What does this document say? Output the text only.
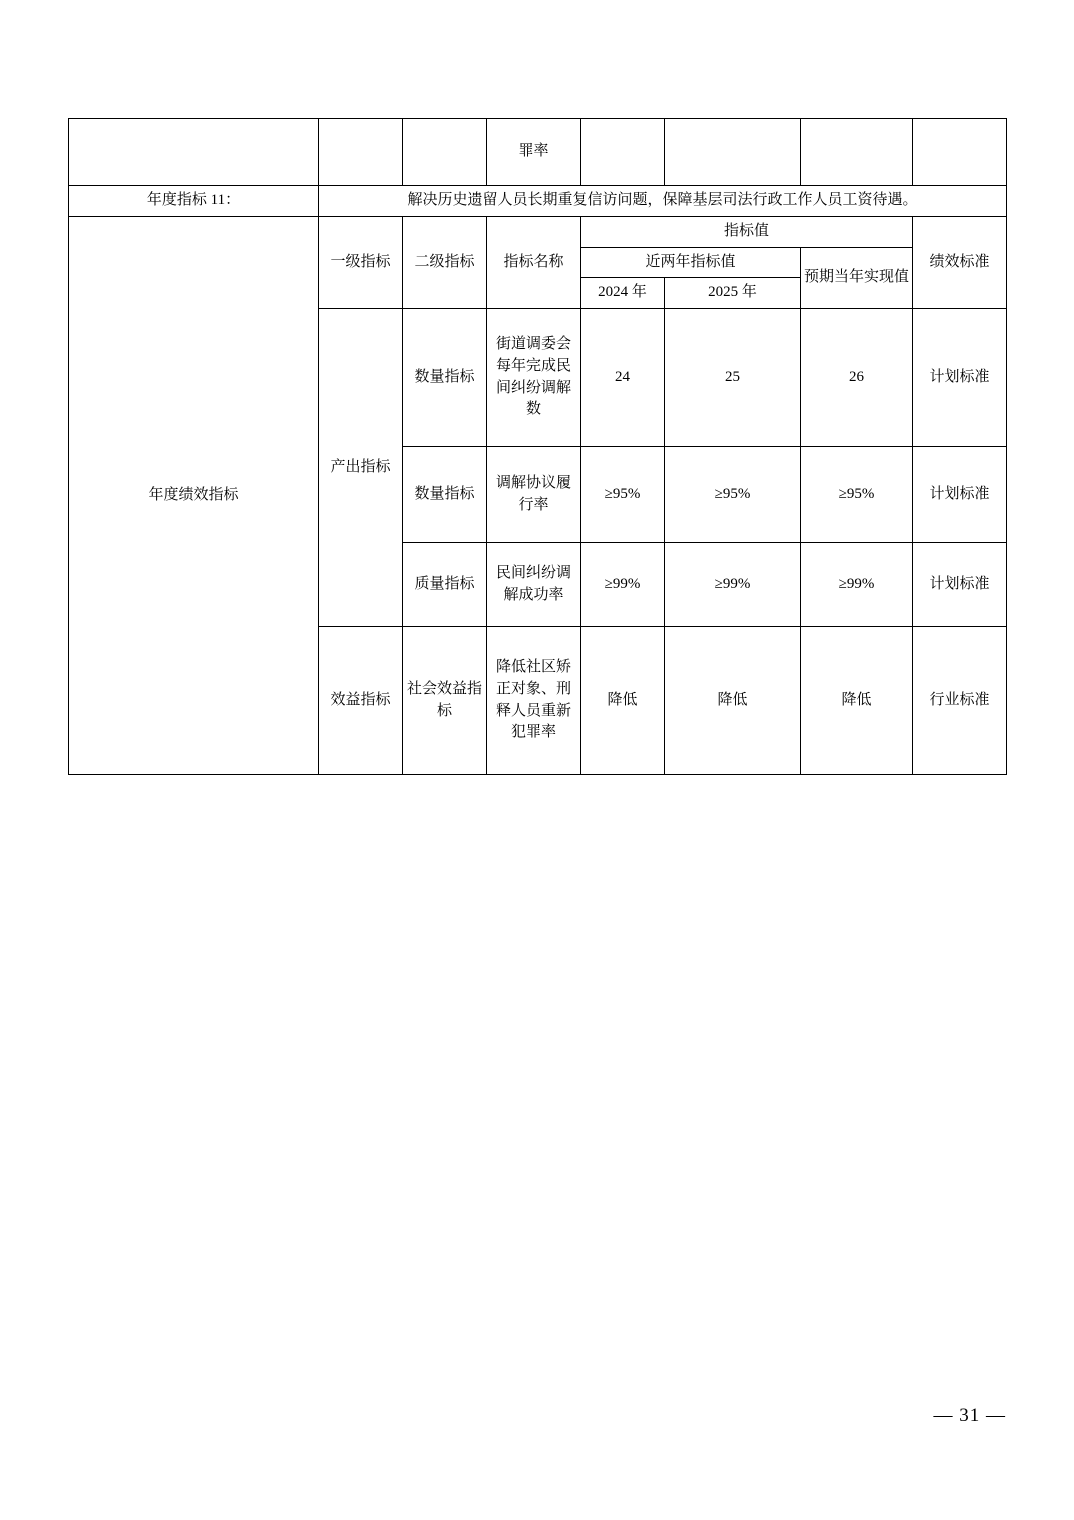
			罪率				
年度指标 11：	解决历史遗留人员长期重复信访问题，保障基层司法行政工作人员工资待遇。						
年度绩效指标	一级指标	二级指标	指标名称	指标值			绩效标准
				近两年指标值		预期当年实现值	
				2024 年	2025 年		
	产出指标	数量指标	街道调委会每年完成民间纠纷调解数	24	25	26	计划标准
		数量指标	调解协议履行率	≥95%	≥95%	≥95%	计划标准
		质量指标	民间纠纷调解成功率	≥99%	≥99%	≥99%	计划标准
	效益指标	社会效益指标	降低社区矫正对象、刑释人员重新犯罪率	降低	降低	降低	行业标准
— 31 —
